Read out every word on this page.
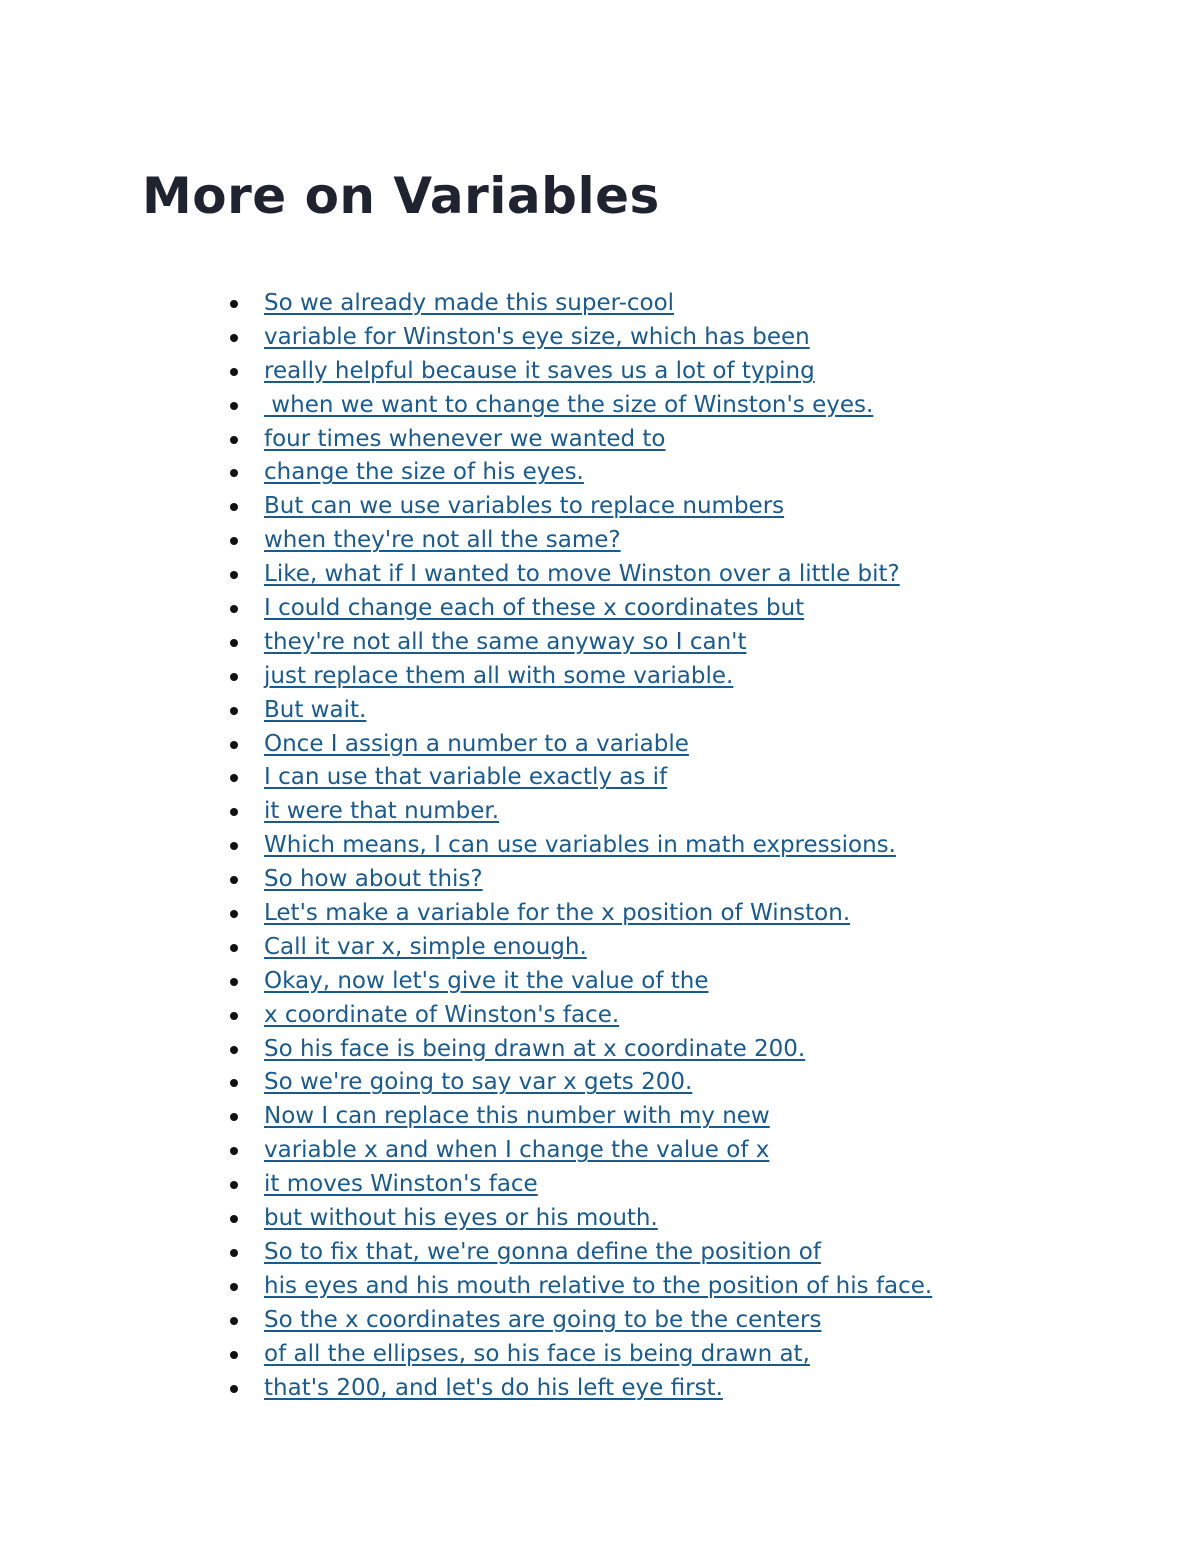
More on Variables
So we already made this super-cool
variable for Winston's eye size, which has been
really helpful because it saves us a lot of typing
when we want to change the size of Winston's eyes.
four times whenever we wanted to
change the size of his eyes.
But can we use variables to replace numbers
when they're not all the same?
Like, what if I wanted to move Winston over a little bit?
I could change each of these x coordinates but
they're not all the same anyway so I can't
just replace them all with some variable.
But wait.
Once I assign a number to a variable
I can use that variable exactly as if
it were that number.
Which means, I can use variables in math expressions.
So how about this?
Let's make a variable for the x position of Winston.
Call it var x, simple enough.
Okay, now let's give it the value of the
x coordinate of Winston's face.
So his face is being drawn at x coordinate 200.
So we're going to say var x gets 200.
Now I can replace this number with my new
variable x and when I change the value of x
it moves Winston's face
but without his eyes or his mouth.
So to fix that, we're gonna define the position of
his eyes and his mouth relative to the position of his face.
So the x coordinates are going to be the centers
of all the ellipses, so his face is being drawn at,
that's 200, and let's do his left eye first.
